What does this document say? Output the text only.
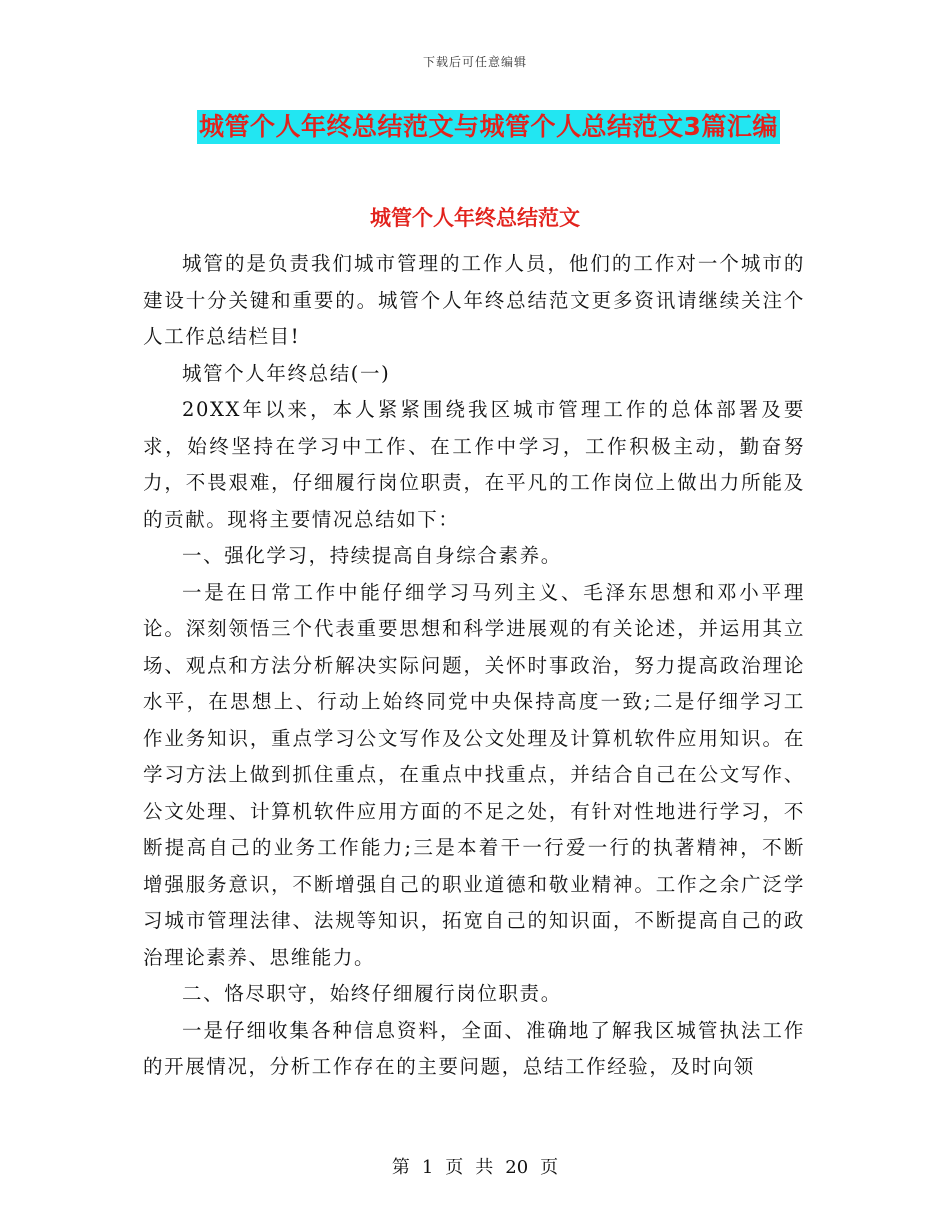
下载后可任意编辑
城管个人年终总结范文与城管个人总结范文3篇汇编
城管个人年终总结范文

城管的是负责我们城市管理的工作人员，他们的工作对一个城市的建设十分关键和重要的。城管个人年终总结范文更多资讯请继续关注个人工作总结栏目!

城管个人年终总结(一)

20XX年以来，本人紧紧围绕我区城市管理工作的总体部署及要求，始终坚持在学习中工作、在工作中学习，工作积极主动，勤奋努力，不畏艰难，仔细履行岗位职责，在平凡的工作岗位上做出力所能及的贡献。现将主要情况总结如下：

一、强化学习，持续提高自身综合素养。

一是在日常工作中能仔细学习马列主义、毛泽东思想和邓小平理论。深刻领悟三个代表重要思想和科学进展观的有关论述，并运用其立场、观点和方法分析解决实际问题，关怀时事政治，努力提高政治理论水平，在思想上、行动上始终同党中央保持高度一致;二是仔细学习工作业务知识，重点学习公文写作及公文处理及计算机软件应用知识。在学习方法上做到抓住重点，在重点中找重点，并结合自己在公文写作、公文处理、计算机软件应用方面的不足之处，有针对性地进行学习，不断提高自己的业务工作能力;三是本着干一行爱一行的执著精神，不断增强服务意识，不断增强自己的职业道德和敬业精神。工作之余广泛学习城市管理法律、法规等知识，拓宽自己的知识面，不断提高自己的政治理论素养、思维能力。

二、恪尽职守，始终仔细履行岗位职责。

一是仔细收集各种信息资料，全面、准确地了解我区城管执法工作的开展情况，分析工作存在的主要问题，总结工作经验，及时向领

第 1 页 共 20 页
